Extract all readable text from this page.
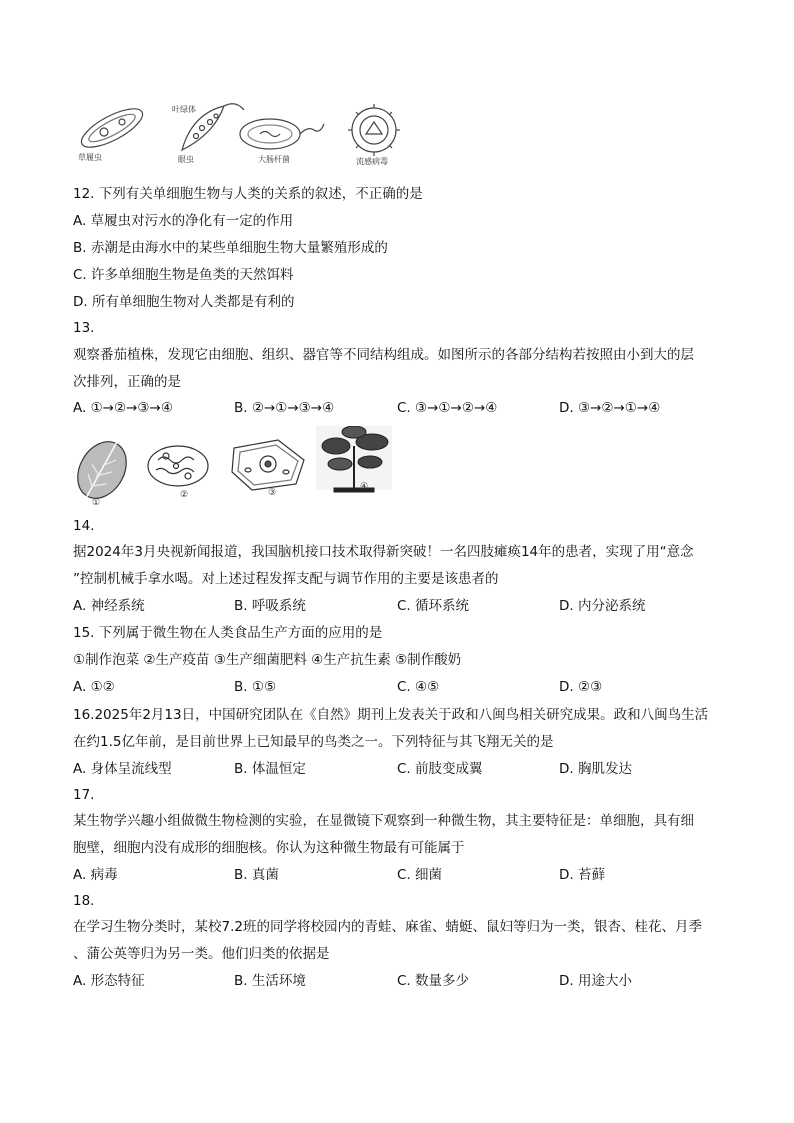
草履虫
叶绿体
眼虫	大肠杆菌	流感病毒
12. 下列有关单细胞生物与人类的关系的叙述，不正确的是
A. 草履虫对污水的净化有一定的作用
B. 赤潮是由海水中的某些单细胞生物大量繁殖形成的
C. 许多单细胞生物是鱼类的天然饵料
D. 所有单细胞生物对人类都是有利的
13.
观察番茄植株，发现它由细胞、组织、器官等不同结构组成。如图所示的各部分结构若按照由小到大的层
次排列，正确的是
A. ①→②→③→④	B. ②→①→③→④	C. ③→①→②→④	D. ③→②→①→④
①
②	③
④
14.
据2024年3月央视新闻报道，我国脑机接口技术取得新突破！一名四肢瘫痪14年的患者，实现了用“意念
”控制机械手拿水喝。对上述过程发挥支配与调节作用的主要是该患者的
A. 神经系统	B. 呼吸系统	C. 循环系统	D. 内分泌系统
15. 下列属于微生物在人类食品生产方面的应用的是
①制作泡菜 ②生产疫苗 ③生产细菌肥料 ④生产抗生素 ⑤制作酸奶
A. ①②	B. ①⑤	C. ④⑤	D. ②③
16.2025年2月13日，中国研究团队在《自然》期刊上发表关于政和八闽鸟相关研究成果。政和八闽鸟生活
在约1.5亿年前，是目前世界上已知最早的鸟类之一。下列特征与其飞翔无关的是
A. 身体呈流线型	B. 体温恒定	C. 前肢变成翼	D. 胸肌发达
17.
某生物学兴趣小组做微生物检测的实验，在显微镜下观察到一种微生物，其主要特征是：单细胞，具有细
胞壁，细胞内没有成形的细胞核。你认为这种微生物最有可能属于
A. 病毒	B. 真菌	C. 细菌	D. 苔藓
18.
在学习生物分类时，某校7.2班的同学将校园内的青蛙、麻雀、蜻蜓、鼠妇等归为一类，银杏、桂花、月季
、蒲公英等归为另一类。他们归类的依据是
A. 形态特征	B. 生活环境	C. 数量多少	D. 用途大小
